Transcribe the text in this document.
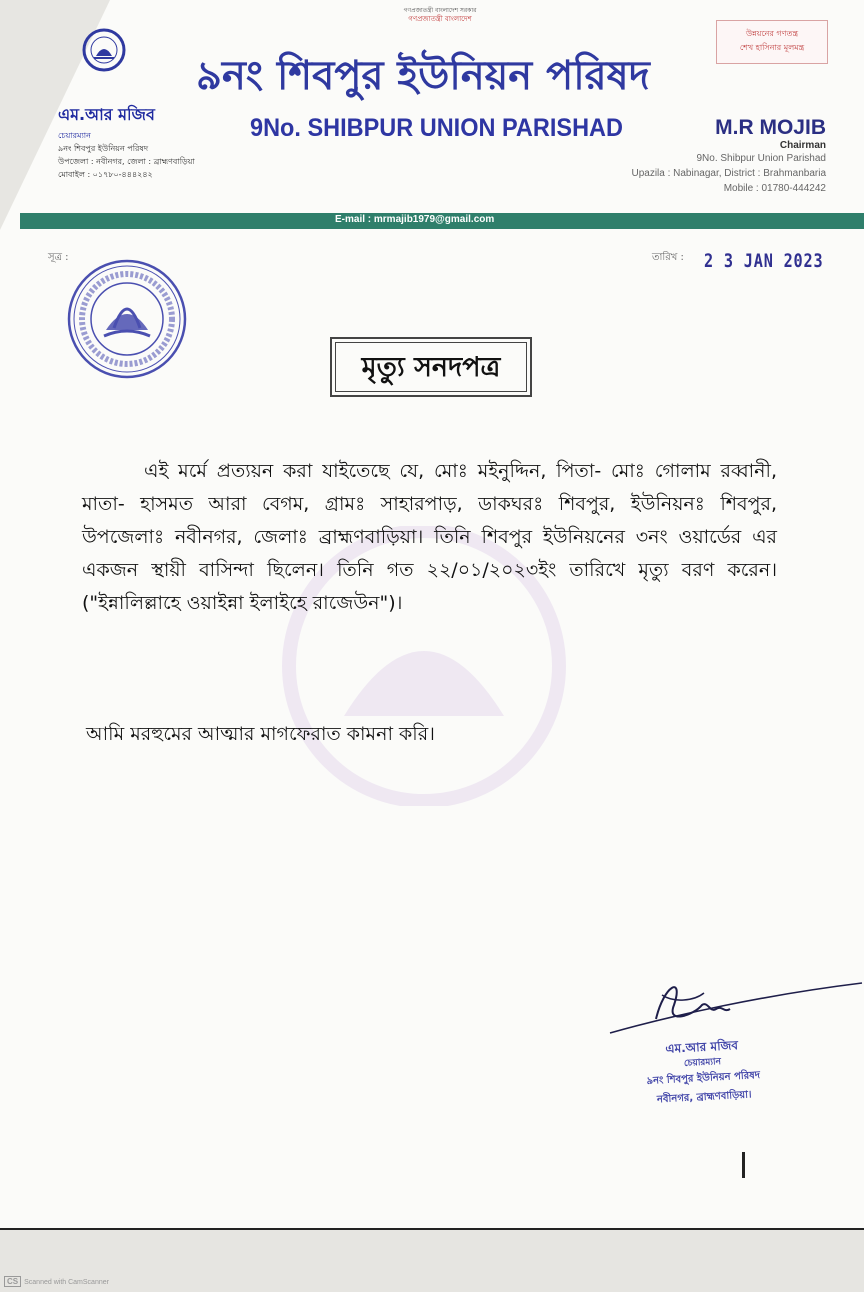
গণপ্রজাতন্ত্রী বাংলাদেশ সরকার
গণপ্রজাতন্ত্রী বাংলাদেশ
উন্নয়নের গণতন্ত্র
শেখ হাসিনার মূলমন্ত্র
৯নং শিবপুর ইউনিয়ন পরিষদ
9No. SHIBPUR UNION PARISHAD
এম.আর মজিব
চেয়ারম্যান
৯নং শিবপুর ইউনিয়ন পরিষদ
উপজেলা : নবীনগর, জেলা : ব্রাহ্মণবাড়িয়া
মোবাইল : ০১৭৮০-৪৪৪২৪২
M.R MOJIB
Chairman
9No. Shibpur Union Parishad
Upazila : Nabinagar, District : Brahmanbaria
Mobile : 01780-444242
E-mail : mrmajib1979@gmail.com
সূত্র :	তারিখ : 2 3 JAN 2023
মৃত্যু সনদপত্র
এই মর্মে প্রত্যয়ন করা যাইতেছে যে, মোঃ মইনুদ্দিন, পিতা- মোঃ গোলাম রব্বানী, মাতা- হাসমত আরা বেগম, গ্রামঃ সাহারপাড়, ডাকঘরঃ শিবপুর, ইউনিয়নঃ শিবপুর, উপজেলাঃ নবীনগর, জেলাঃ ব্রাহ্মণবাড়িয়া। তিনি শিবপুর ইউনিয়নের ৩নং ওয়ার্ডের এর একজন স্থায়ী বাসিন্দা ছিলেন। তিনি গত ২২/০১/২০২৩ইং তারিখে মৃত্যু বরণ করেন। ("ইন্নালিল্লাহে ওয়াইন্না ইলাইহে রাজেউন")।
আমি মরহুমের আত্মার মাগফেরাত কামনা করি।
এম.আর মজিব
চেয়ারম্যান
৯নং শিবপুর ইউনিয়ন পরিষদ
নবীনগর, ব্রাহ্মণবাড়িয়া।
CS Scanned with CamScanner
